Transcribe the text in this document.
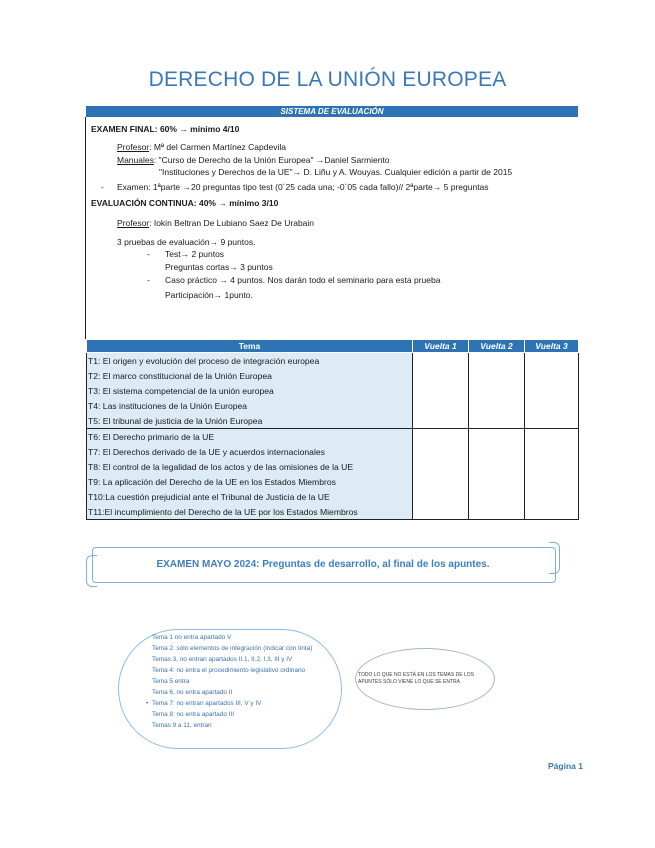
DERECHO DE LA UNIÓN EUROPEA
SISTEMA DE EVALUACIÓN
EXAMEN FINAL: 60% → mínimo 4/10
Profesor: Mª del Carmen Martínez Capdevila
Manuales: "Curso de Derecho de la Unión Europea" →Daniel Sarmiento
"Instituciones y Derechos de la UE"→ D. Liñu y A. Wouyas. Cualquier edición a partir de 2015
- Examen: 1ªparte →20 preguntas tipo test (0´25 cada una; -0´05 cada fallo)// 2ªparte→ 5 preguntas
EVALUACIÓN CONTINUA: 40% → mínimo 3/10
Profesor: Iokin Beltran De Lubiano Saez De Urabain
3 pruebas de evaluación→ 9 puntos.
- Test→ 2 puntos
Preguntas cortas→ 3 puntos
- Caso práctico → 4 puntos. Nos darán todo el seminario para esta prueba
Participación→ 1punto.
Tema	Vuelta 1	Vuelta 2	Vuelta 3
T1: El origen y evolución del proceso de integración europea			
T2: El marco constitucional de la Unión Europea			
T3: El sistema competencial de la unión europea			
T4: Las instituciones de la Unión Europea			
T5: El tribunal de justicia de la Unión Europea			
T6: El Derecho primario de la UE			
T7: El Derechos derivado de la UE y acuerdos internacionales			
T8: El control de la legalidad de los actos y de las omisiones de la UE			
T9: La aplicación del Derecho de la UE en los Estados Miembros			
T10:La cuestión prejudicial ante el Tribunal de Justicia de la UE			
T11:El incumplimiento del Derecho de la UE por los Estados Miembros			
EXAMEN MAYO 2024: Preguntas de desarrollo, al final de los apuntes.
Tema 1 no entra apartado V
Tema 2: sólo elementos de integración (indicar con tinta)
Temas 3, no entran apartados II.1, II.2, I.3, III y IV
Tema 4: no entra el procedimiento legislativo ordinario
Tema 5 entra
Tema 6, no entra apartado II
• Tema 7: no entran apartados III, V y IV
Tema 8: no entra apartado III
Temas 9 a 11, entran
TODO LO QUE NO ESTÁ EN LOS TEMAS DE LOS APUNTES SÓLO VIENE LO QUE SE ENTRA
Página 1
